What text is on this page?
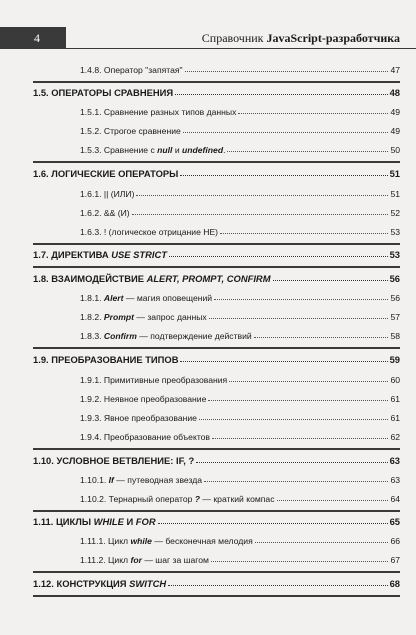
4	Справочник JavaScript-разработчика
1.4.8. Оператор "запятая"	47
1.5. ОПЕРАТОРЫ СРАВНЕНИЯ	48
1.5.1. Сравнение разных типов данных	49
1.5.2. Строгое сравнение	49
1.5.3. Сравнение с null и undefined.	50
1.6. ЛОГИЧЕСКИЕ ОПЕРАТОРЫ	51
1.6.1. || (ИЛИ)	51
1.6.2. && (И)	52
1.6.3. ! (логическое отрицание НЕ)	53
1.7. ДИРЕКТИВА USE STRICT	53
1.8. ВЗАИМОДЕЙСТВИЕ ALERT, PROMPT, CONFIRM	56
1.8.1. Alert — магия оповещений	56
1.8.2. Prompt — запрос данных	57
1.8.3. Confirm — подтверждение действий	58
1.9. ПРЕОБРАЗОВАНИЕ ТИПОВ	59
1.9.1. Примитивные преобразования	60
1.9.2. Неявное преобразование	61
1.9.3. Явное преобразование	61
1.9.4. Преобразование объектов	62
1.10. УСЛОВНОЕ ВЕТВЛЕНИЕ: IF, ?	63
1.10.1. If — путеводная звезда	63
1.10.2. Тернарный оператор ? — краткий компас	64
1.11. ЦИКЛЫ WHILE И FOR	65
1.11.1. Цикл while — бесконечная мелодия	66
1.11.2. Цикл for — шаг за шагом	67
1.12. КОНСТРУКЦИЯ SWITCH	68
